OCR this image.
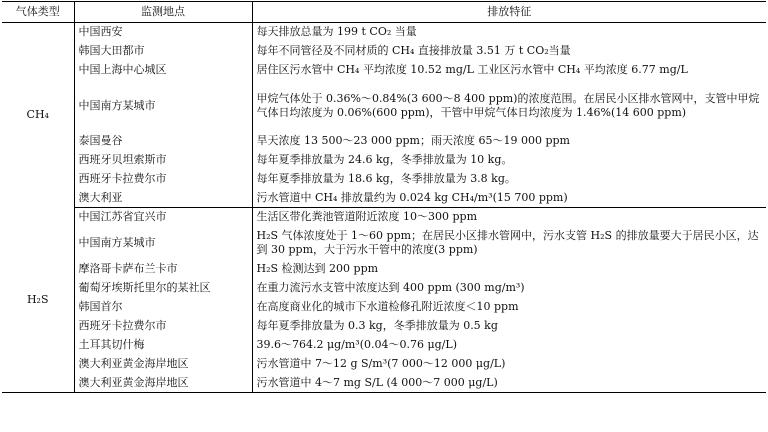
气体类型	监测地点	排放特征
CH₄	中国西安	每天排放总量为 199 t CO₂ 当量
	韩国大田都市	每年不同管径及不同材质的 CH₄ 直接排放量 3.51 万 t CO₂当量
	中国上海中心城区	居住区污水管中 CH₄ 平均浓度 10.52 mg/L 工业区污水管中 CH₄ 平均浓度 6.77 mg/L
	中国南方某城市	甲烷气体处于 0.36%～0.84%(3 600～8 400 ppm)的浓度范围。在居民小区排水管网中，支管中甲烷气体日均浓度为 0.06%(600 ppm)，干管中甲烷气体日均浓度为 1.46%(14 600 ppm)
	泰国曼谷	旱天浓度 13 500～23 000 ppm；雨天浓度 65～19 000 ppm
	西班牙贝坦索斯市	每年夏季排放量为 24.6 kg，冬季排放量为 10 kg。
	西班牙卡拉费尔市	每年夏季排放量为 18.6 kg，冬季排放量为 3.8 kg。
	澳大利亚	污水管道中 CH₄ 排放量约为 0.024 kg CH₄/m³(15 700 ppm)
H₂S	中国江苏省宜兴市	生活区带化粪池管道附近浓度 10～300 ppm
	中国南方某城市	H₂S 气体浓度处于 1～60 ppm；在居民小区排水管网中，污水支管 H₂S 的排放量要大于居民小区，达到 30 ppm，大于污水干管中的浓度(3 ppm)
	摩洛哥卡萨布兰卡市	H₂S 检测达到 200 ppm
	葡萄牙埃斯托里尔的某社区	在重力流污水支管中浓度达到 400 ppm (300 mg/m³)
	韩国首尔	在高度商业化的城市下水道检修孔附近浓度＜10 ppm
	西班牙卡拉费尔市	每年夏季排放量为 0.3 kg，冬季排放量为 0.5 kg
	土耳其切什梅	39.6～764.2 μg/m³(0.04～0.76 μg/L)
	澳大利亚黄金海岸地区	污水管道中 7～12 g S/m³(7 000～12 000 μg/L)
	澳大利亚黄金海岸地区	污水管道中 4～7 mg S/L (4 000～7 000 μg/L)
